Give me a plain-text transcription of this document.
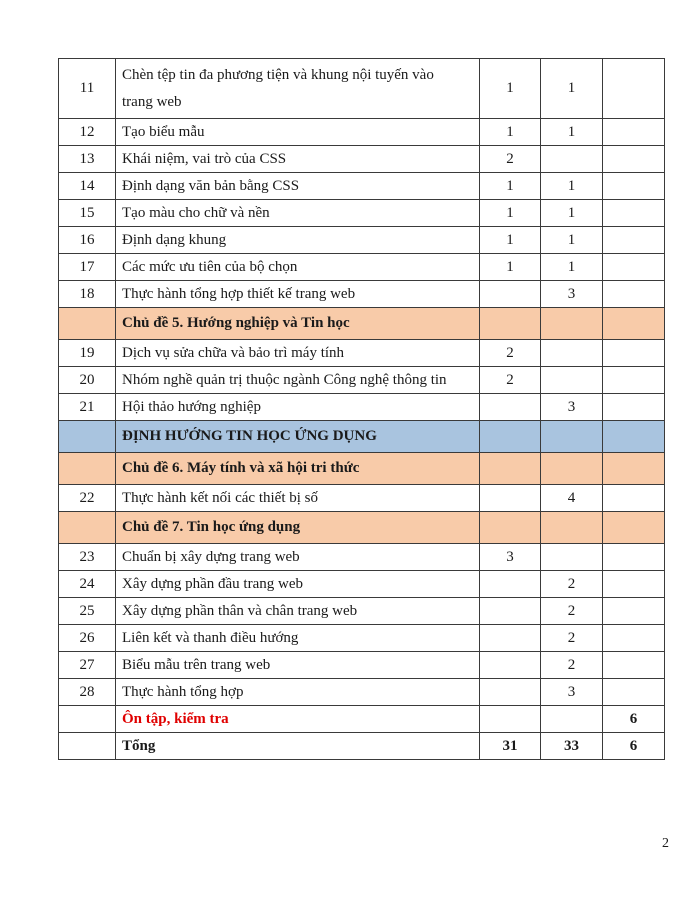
11	Chèn tệp tin đa phương tiện và khung nội tuyến vào
trang web	1	1	
12	Tạo biểu mẫu	1	1	
13	Khái niệm, vai trò của CSS	2		
14	Định dạng văn bản bằng CSS	1	1	
15	Tạo màu cho chữ và nền	1	1	
16	Định dạng khung	1	1	
17	Các mức ưu tiên của bộ chọn	1	1	
18	Thực hành tổng hợp thiết kế trang web		3	
	Chủ đề 5. Hướng nghiệp và Tin học			
19	Dịch vụ sửa chữa và bảo trì máy tính	2		
20	Nhóm nghề quản trị thuộc ngành Công nghệ thông tin	2		
21	Hội thảo hướng nghiệp		3	
	ĐỊNH HƯỚNG TIN HỌC ỨNG DỤNG			
	Chủ đề 6. Máy tính và xã hội tri thức			
22	Thực hành kết nối các thiết bị số		4	
	Chủ đề 7. Tin học ứng dụng			
23	Chuẩn bị xây dựng trang web	3		
24	Xây dựng phần đầu trang web		2	
25	Xây dựng phần thân và chân trang web		2	
26	Liên kết và thanh điều hướng		2	
27	Biểu mẫu trên trang web		2	
28	Thực hành tổng hợp		3	
	Ôn tập, kiểm tra			6
	Tổng	31	33	6
2
